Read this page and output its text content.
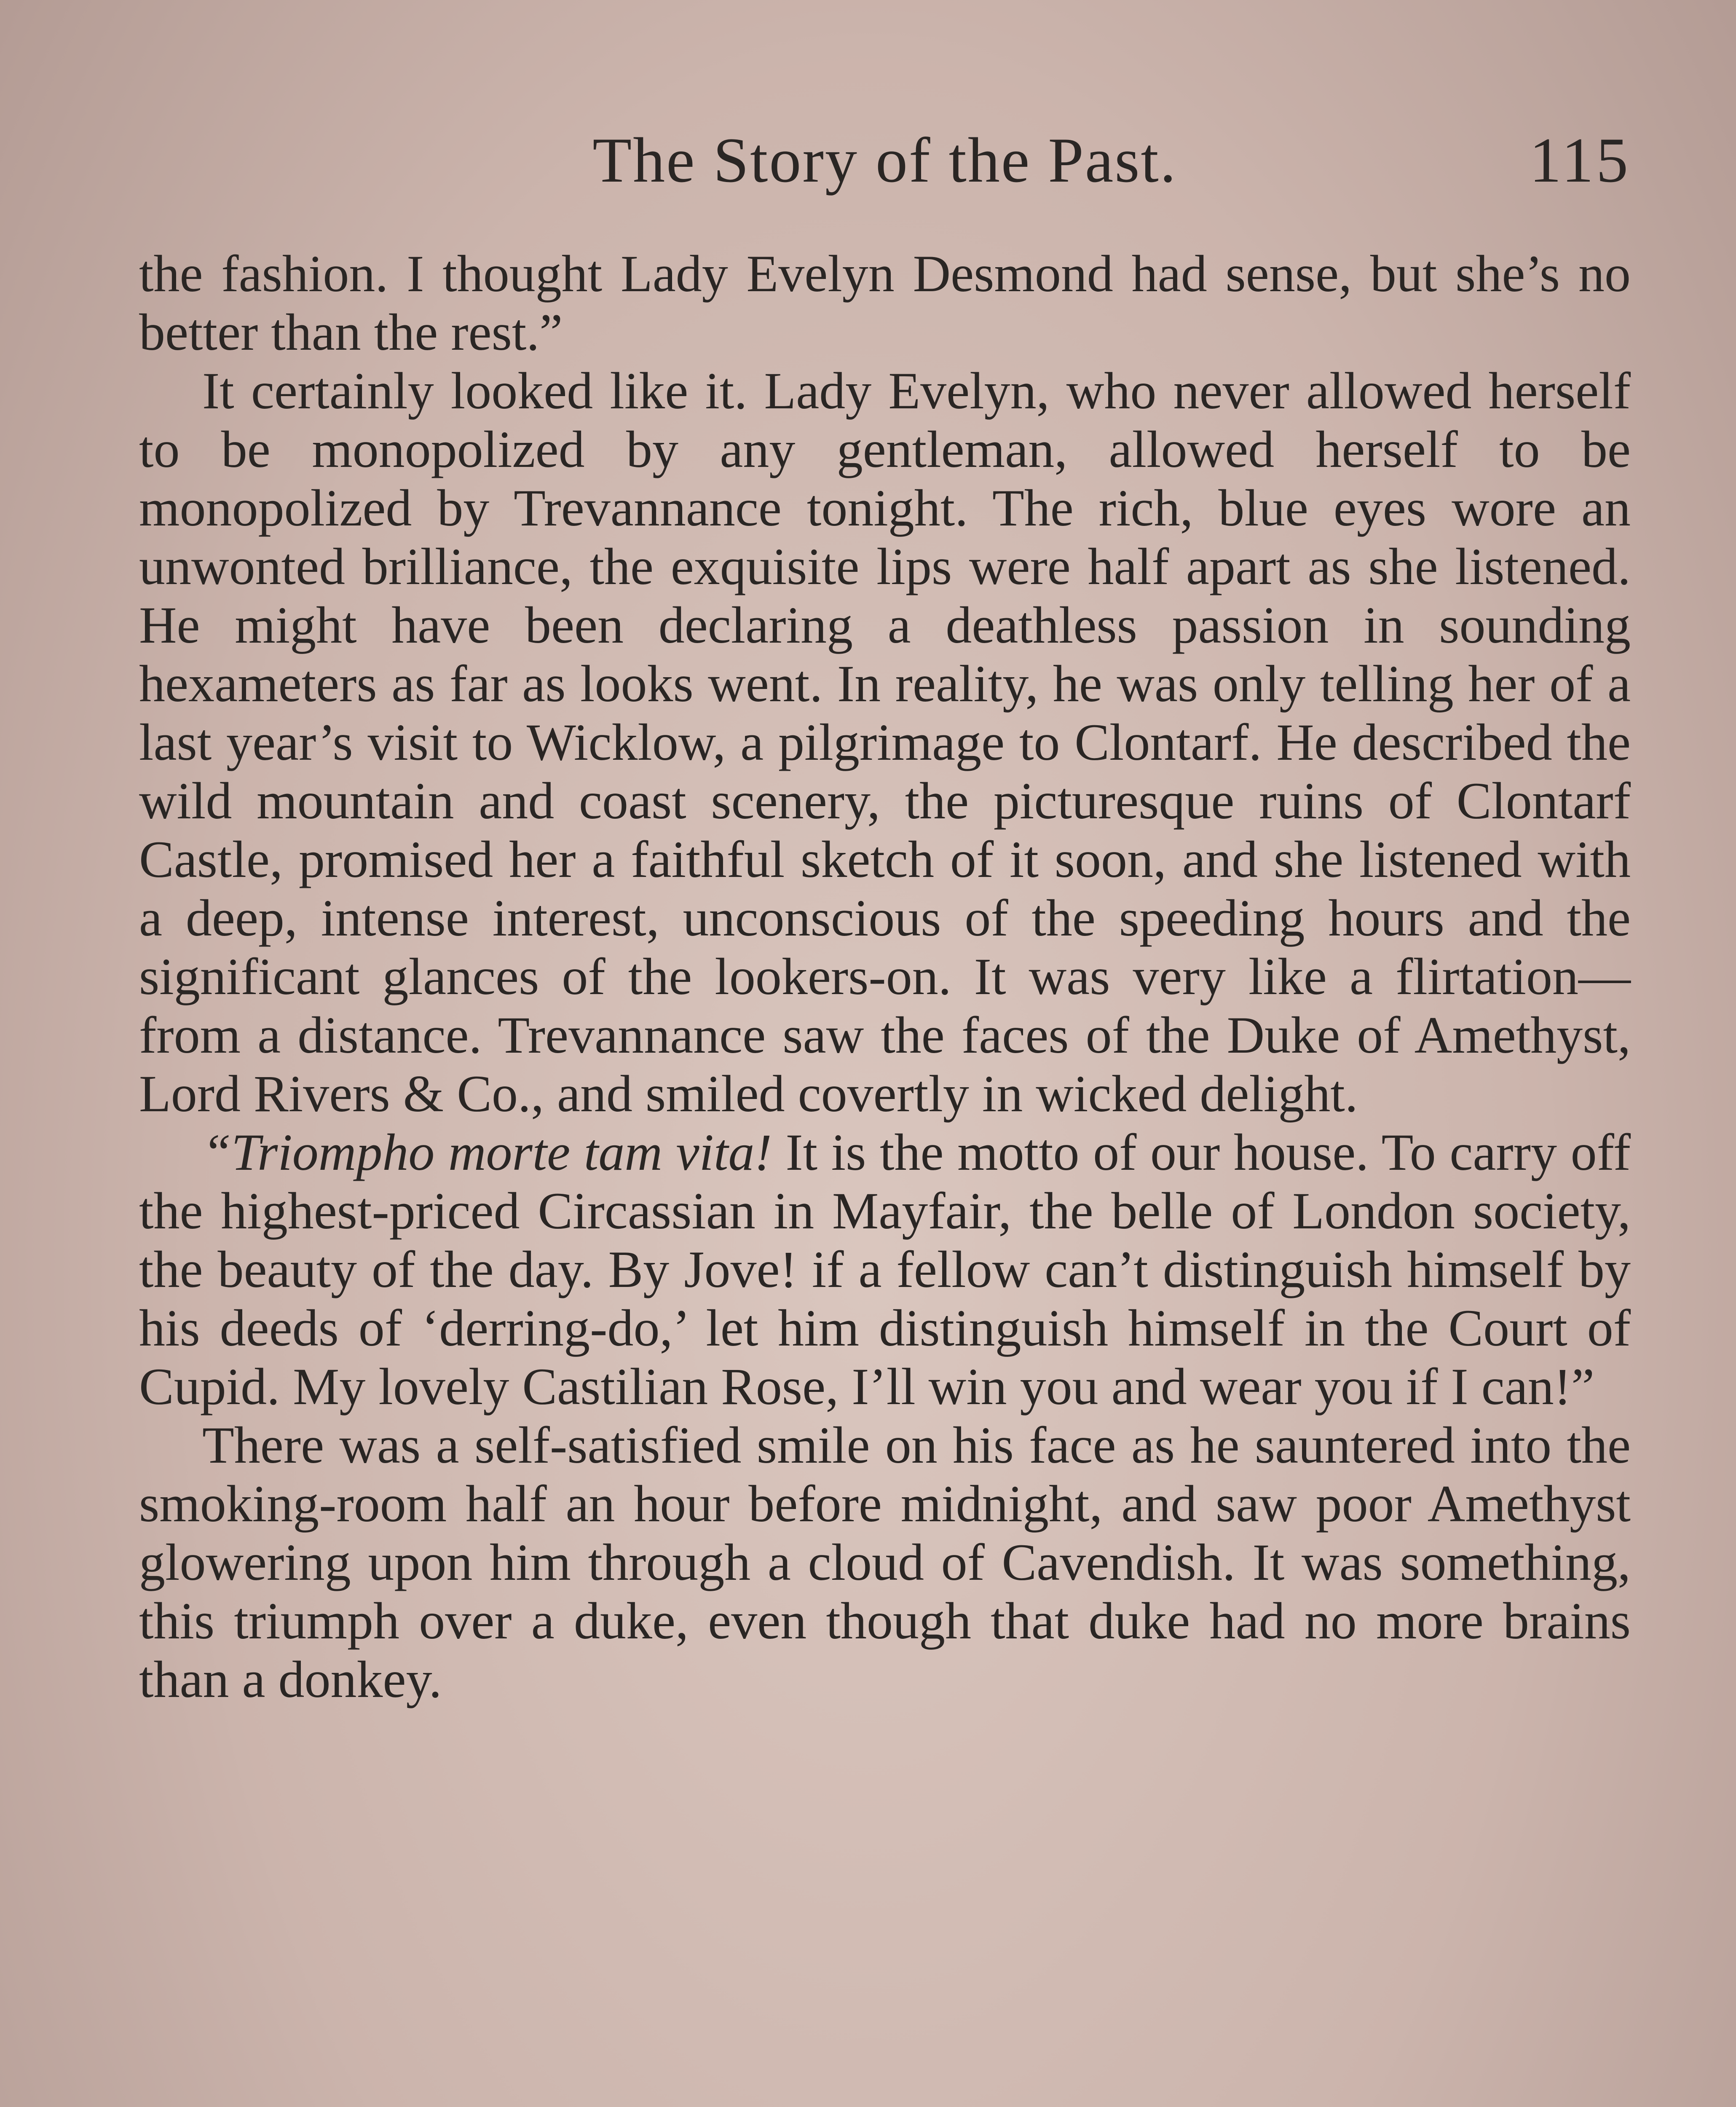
The Story of the Past.	115

the fashion. I thought Lady Evelyn Desmond had sense, but she’s no better than the rest.”

It certainly looked like it. Lady Evelyn, who never allowed herself to be monopolized by any gentleman, allowed herself to be monopolized by Trevannance tonight. The rich, blue eyes wore an unwonted brilliance, the exquisite lips were half apart as she listened. He might have been declaring a deathless passion in sounding hexameters as far as looks went. In reality, he was only telling her of a last year’s visit to Wicklow, a pilgrimage to Clontarf. He described the wild mountain and coast scenery, the picturesque ruins of Clontarf Castle, promised her a faithful sketch of it soon, and she listened with a deep, intense interest, unconscious of the speeding hours and the significant glances of the lookers-on. It was very like a flirtation—from a distance. Trevannance saw the faces of the Duke of Amethyst, Lord Rivers & Co., and smiled covertly in wicked delight.

“Triompho morte tam vita! It is the motto of our house. To carry off the highest-priced Circassian in Mayfair, the belle of London society, the beauty of the day. By Jove! if a fellow can’t distinguish himself by his deeds of ‘derring-do,’ let him distinguish himself in the Court of Cupid. My lovely Castilian Rose, I’ll win you and wear you if I can!”

There was a self-satisfied smile on his face as he sauntered into the smoking-room half an hour before midnight, and saw poor Amethyst glowering upon him through a cloud of Cavendish. It was something, this triumph over a duke, even though that duke had no more brains than a donkey.
